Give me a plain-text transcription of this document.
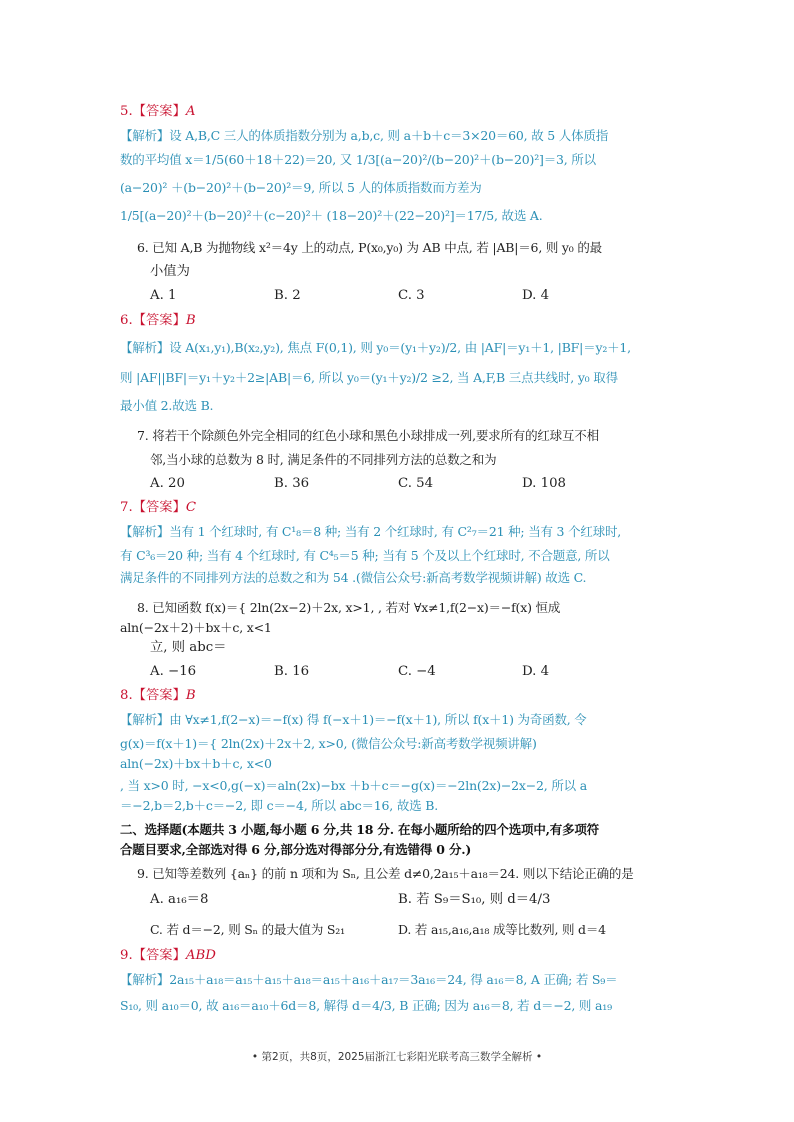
5.【答案】A
【解析】设 A,B,C 三人的体质指数分别为 a,b,c, 则 a＋b＋c＝3×20＝60, 故 5 人体质指
数的平均值 x＝1/5(60＋18＋22)＝20, 又 1/3[(a−20)²/(b−20)²＋(b−20)²]＝3, 所以
(a−20)² ＋(b−20)²＋(b−20)²＝9, 所以 5 人的体质指数而方差为
1/5[(a−20)²＋(b−20)²＋(c−20)²＋ (18−20)²＋(22−20)²]＝17/5, 故选 A.
6. 已知 A,B 为抛物线 x²＝4y 上的动点, P(x₀,y₀) 为 AB 中点, 若 |AB|＝6, 则 y₀ 的最
小值为
A. 1	B. 2	C. 3	D. 4
6.【答案】B
【解析】设 A(x₁,y₁),B(x₂,y₂), 焦点 F(0,1), 则 y₀＝(y₁＋y₂)/2, 由 |AF|＝y₁＋1, |BF|＝y₂＋1,
则 |AF||BF|＝y₁＋y₂＋2≥|AB|＝6, 所以 y₀＝(y₁＋y₂)/2 ≥2, 当 A,F,B 三点共线时, y₀ 取得
最小值 2.故选 B.
7. 将若干个除颜色外完全相同的红色小球和黑色小球排成一列,要求所有的红球互不相
邻,当小球的总数为 8 时, 满足条件的不同排列方法的总数之和为
A. 20	B. 36	C. 54	D. 108
7.【答案】C
【解析】当有 1 个红球时, 有 C¹₈＝8 种; 当有 2 个红球时, 有 C²₇＝21 种; 当有 3 个红球时,
有 C³₆＝20 种; 当有 4 个红球时, 有 C⁴₅＝5 种; 当有 5 个及以上个红球时, 不合题意, 所以
满足条件的不同排列方法的总数之和为 54 .(微信公众号:新高考数学视频讲解) 故选 C.
8. 已知函数 f(x)＝{ 2ln(2x−2)＋2x, x>1, , 若对 ∀x≠1,f(2−x)＝−f(x) 恒成
aln(−2x＋2)＋bx＋c, x<1
立, 则 abc＝
A. −16	B. 16	C. −4	D. 4
8.【答案】B
【解析】由 ∀x≠1,f(2−x)＝−f(x) 得 f(−x＋1)＝−f(x＋1), 所以 f(x＋1) 为奇函数, 令
g(x)＝f(x＋1)＝{ 2ln(2x)＋2x＋2, x>0, (微信公众号:新高考数学视频讲解)
aln(−2x)＋bx＋b＋c, x<0
, 当 x>0 时, −x<0,g(−x)＝aln(2x)−bx ＋b＋c＝−g(x)＝−2ln(2x)−2x−2, 所以 a
＝−2,b＝2,b＋c＝−2, 即 c＝−4, 所以 abc＝16, 故选 B.
二、选择题(本题共 3 小题,每小题 6 分,共 18 分. 在每小题所给的四个选项中,有多项符
合题目要求,全部选对得 6 分,部分选对得部分分,有选错得 0 分.)
9. 已知等差数列 {aₙ} 的前 n 项和为 Sₙ, 且公差 d≠0,2a₁₅＋a₁₈＝24. 则以下结论正确的是
A. a₁₆＝8	B. 若 S₉＝S₁₀, 则 d＝4/3
C. 若 d＝−2, 则 Sₙ 的最大值为 S₂₁	D. 若 a₁₅,a₁₆,a₁₈ 成等比数列, 则 d＝4
9.【答案】ABD
【解析】2a₁₅＋a₁₈＝a₁₅＋a₁₅＋a₁₈＝a₁₅＋a₁₆＋a₁₇＝3a₁₆＝24, 得 a₁₆＝8, A 正确; 若 S₉＝
S₁₀, 则 a₁₀＝0, 故 a₁₆＝a₁₀＋6d＝8, 解得 d＝4/3, B 正确; 因为 a₁₆＝8, 若 d＝−2, 则 a₁₉
• 第2页，共8页，2025届浙江七彩阳光联考高三数学全解析 •
